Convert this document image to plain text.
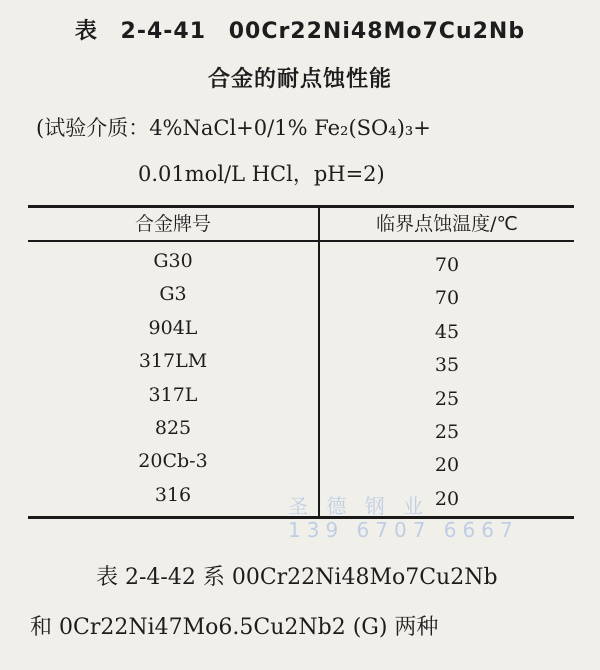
表 2-4-41 00Cr22Ni48Mo7Cu2Nb
合金的耐点蚀性能
(试验介质：4%NaCl+0/1% Fe₂(SO₄)₃+
0.01mol/L HCl，pH=2)
合金牌号	临界点蚀温度/℃
G30	70
G3	70
904L	45
317LM	35
317L	25
825	25
20Cb-3	20
316	20
圣 德 钢 业
139 6707 6667
表 2-4-42 系 00Cr22Ni48Mo7Cu2Nb
和 0Cr22Ni47Mo6.5Cu2Nb2 (G) 两种
